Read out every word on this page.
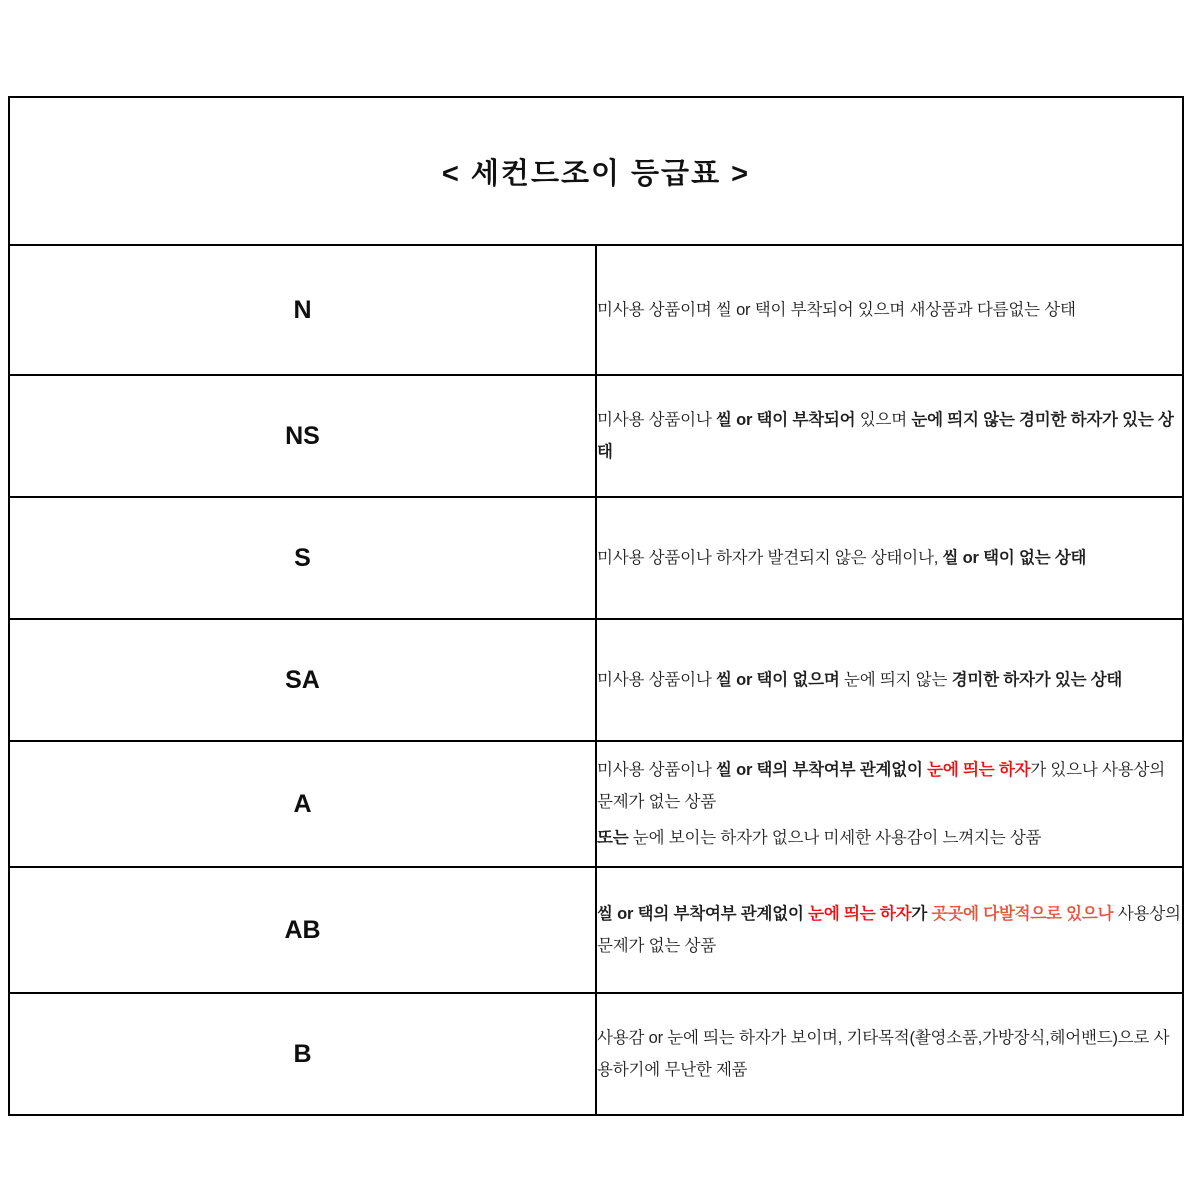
< 세컨드조이 등급표 >	
N	미사용 상품이며 씰 or 택이 부착되어 있으며 새상품과 다름없는 상태

NS	미사용 상품이나 씰 or 택이 부착되어 있으며 눈에 띄지 않는 경미한 하자가 있는 상태

S	미사용 상품이나 하자가 발견되지 않은 상태이나, 씰 or 택이 없는 상태

SA	미사용 상품이나 씰 or 택이 없으며 눈에 띄지 않는 경미한 하자가 있는 상태

A	미사용 상품이나 씰 or 택의 부착여부 관계없이 눈에 띄는 하자가 있으나 사용상의 문제가 없는 상품
또는 눈에 보이는 하자가 없으나 미세한 사용감이 느껴지는 상품

AB	씰 or 택의 부착여부 관계없이 눈에 띄는 하자가 곳곳에 다발적으로 있으나 사용상의 문제가 없는 상품

B	사용감 or 눈에 띄는 하자가 보이며, 기타목적(촬영소품,가방장식,헤어밴드)으로 사용하기에 무난한 제품
